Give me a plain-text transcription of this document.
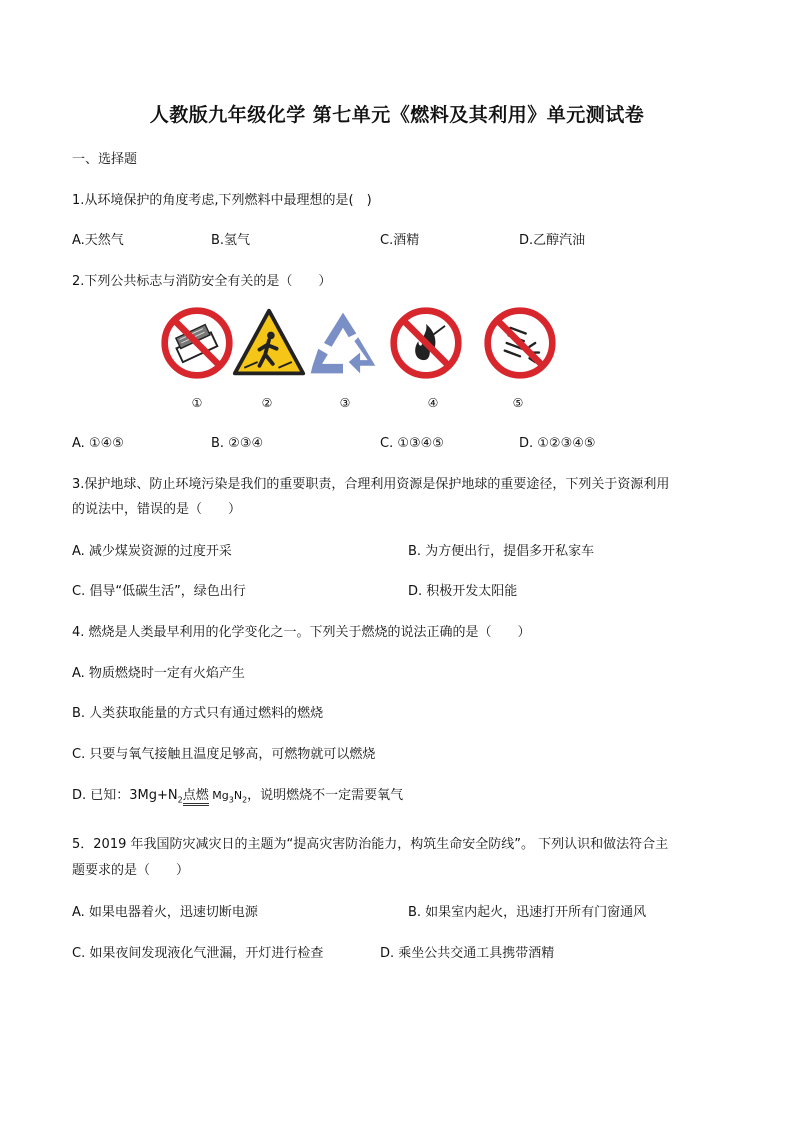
人教版九年级化学 第七单元《燃料及其利用》单元测试卷
一、选择题
1.从环境保护的角度考虑,下列燃料中最理想的是(　)
A.天然气	B.氢气	C.酒精	D.乙醇汽油
2.下列公共标志与消防安全有关的是（　　）
①	②	③	④	⑤
A. ①④⑤	B. ②③④	C. ①③④⑤	D. ①②③④⑤
3.保护地球、防止环境污染是我们的重要职责，合理利用资源是保护地球的重要途径，下列关于资源利用
的说法中，错误的是（　　）
A. 减少煤炭资源的过度开采	B. 为方便出行，提倡多开私家车
C. 倡导“低碳生活”，绿色出行	D. 积极开发太阳能
4. 燃烧是人类最早利用的化学变化之一。下列关于燃烧的说法正确的是（　　）
A. 物质燃烧时一定有火焰产生
B. 人类获取能量的方式只有通过燃料的燃烧
C. 只要与氧气接触且温度足够高，可燃物就可以燃烧
D. 已知：$3Mg+N_2$点燃 $Mg_3N_2$，说明燃烧不一定需要氧气
5．2019 年我国防灾减灾日的主题为“提高灾害防治能力，构筑生命安全防线”。 下列认识和做法符合主
题要求的是（　　）
A. 如果电器着火，迅速切断电源	B. 如果室内起火，迅速打开所有门窗通风
C. 如果夜间发现液化气泄漏，开灯进行检查	D. 乘坐公共交通工具携带酒精
